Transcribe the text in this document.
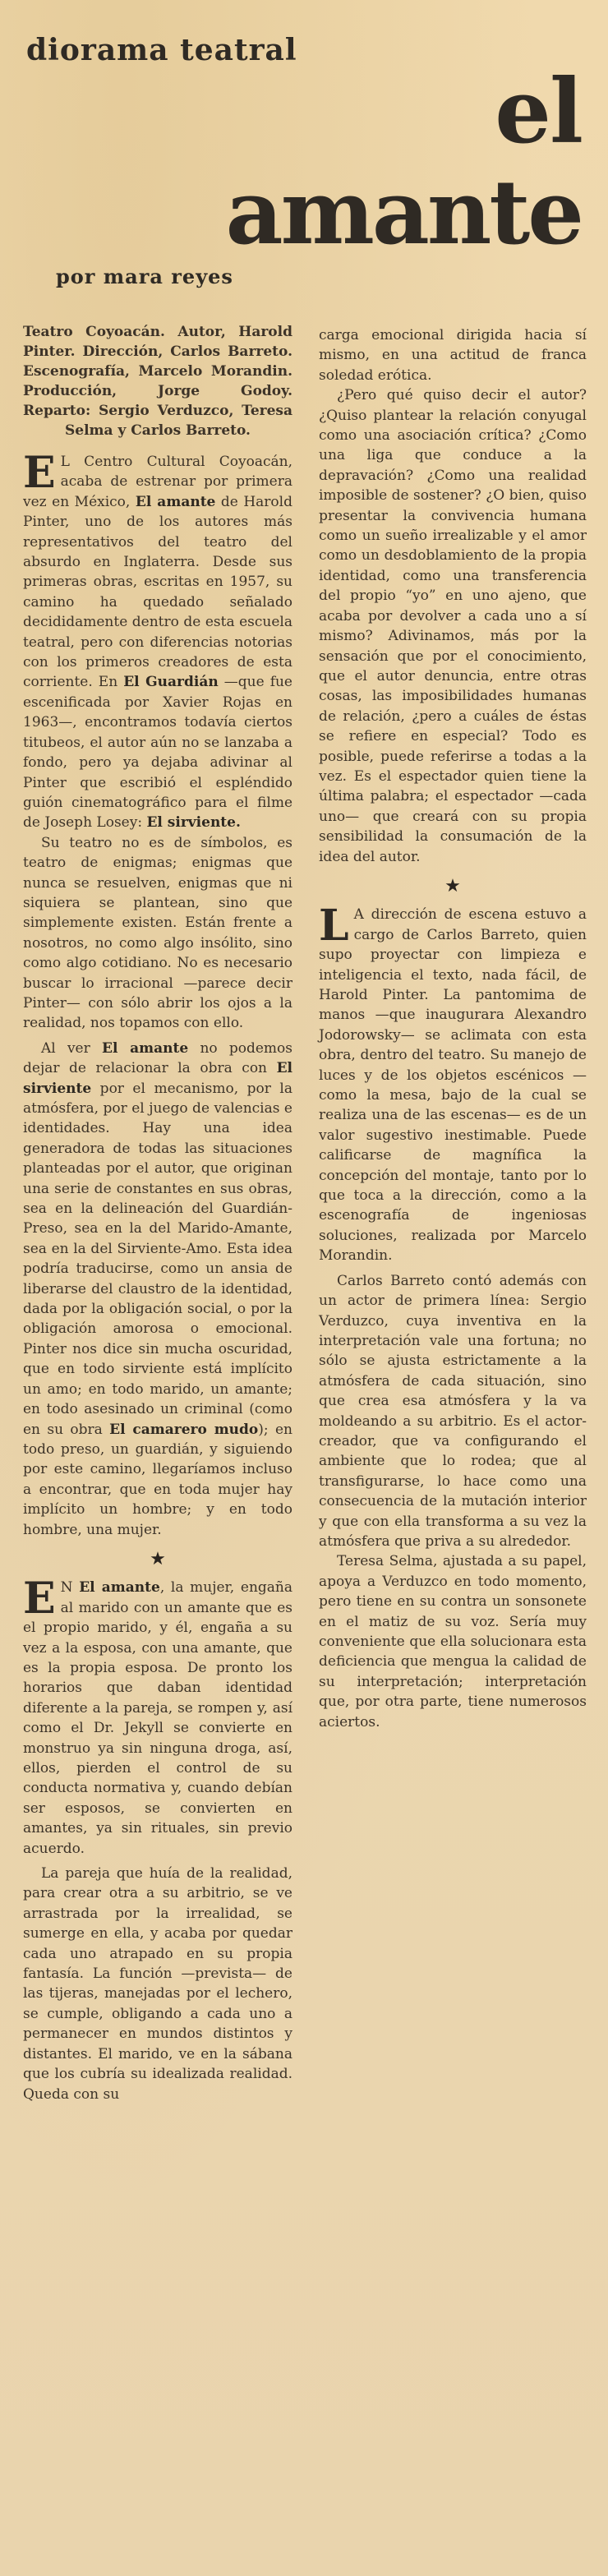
diorama teatral
el
amante
por mara reyes
Teatro Coyoacán. Autor, Harold Pinter. Dirección, Carlos Barreto. Escenografía, Marcelo Morandin. Producción, Jorge Godoy. Reparto: Sergio Verduzco, Teresa Selma y Carlos Barreto.

E L Centro Cultural Coyoacán, acaba de estrenar por primera vez en México, El amante de Harold Pinter, uno de los autores más representativos del teatro del absurdo en Inglaterra. Desde sus primeras obras, escritas en 1957, su camino ha quedado señalado decididamente dentro de esta escuela teatral, pero con diferencias notorias con los primeros creadores de esta corriente. En El Guardián —que fue escenificada por Xavier Rojas en 1963—, encontramos todavía ciertos titubeos, el autor aún no se lanzaba a fondo, pero ya dejaba adivinar al Pinter que escribió el espléndido guión cinematográfico para el filme de Joseph Losey: El sirviente.

Su teatro no es de símbolos, es teatro de enigmas; enigmas que nunca se resuelven, enigmas que ni siquiera se plantean, sino que simplemente existen. Están frente a nosotros, no como algo insólito, sino como algo cotidiano. No es necesario buscar lo irracional —parece decir Pinter— con sólo abrir los ojos a la realidad, nos topamos con ello.

Al ver El amante no podemos dejar de relacionar la obra con El sirviente por el mecanismo, por la atmósfera, por el juego de valencias e identidades. Hay una idea generadora de todas las situaciones planteadas por el autor, que originan una serie de constantes en sus obras, sea en la delineación del Guardián-Preso, sea en la del Marido-Amante, sea en la del Sirviente-Amo. Esta idea podría traducirse, como un ansia de liberarse del claustro de la identidad, dada por la obligación social, o por la obligación amorosa o emocional. Pinter nos dice sin mucha oscuridad, que en todo sirviente está implícito un amo; en todo marido, un amante; en todo asesinado un criminal (como en su obra El camarero mudo); en todo preso, un guardián, y siguiendo por este camino, llegaríamos incluso a encontrar, que en toda mujer hay implícito un hombre; y en todo hombre, una mujer.

★

E N El amante, la mujer, engaña al marido con un amante que es el propio marido, y él, engaña a su vez a la esposa, con una amante, que es la propia esposa. De pronto los horarios que daban identidad diferente a la pareja, se rompen y, así como el Dr. Jekyll se convierte en monstruo ya sin ninguna droga, así, ellos, pierden el control de su conducta normativa y, cuando debían ser esposos, se convierten en amantes, ya sin rituales, sin previo acuerdo.

La pareja que huía de la realidad, para crear otra a su arbitrio, se ve arrastrada por la irrealidad, se sumerge en ella, y acaba por quedar cada uno atrapado en su propia fantasía. La función —prevista— de las tijeras, manejadas por el lechero, se cumple, obligando a cada uno a permanecer en mundos distintos y distantes. El marido, ve en la sábana que los cubría su idealizada realidad. Queda con su

carga emocional dirigida hacia sí mismo, en una actitud de franca soledad erótica.

¿Pero qué quiso decir el autor? ¿Quiso plantear la relación conyugal como una asociación crítica? ¿Como una liga que conduce a la depravación? ¿Como una realidad imposible de sostener? ¿O bien, quiso presentar la convivencia humana como un sueño irrealizable y el amor como un desdoblamiento de la propia identidad, como una transferencia del propio “yo” en uno ajeno, que acaba por devolver a cada uno a sí mismo? Adivinamos, más por la sensación que por el conocimiento, que el autor denuncia, entre otras cosas, las imposibilidades humanas de relación, ¿pero a cuáles de éstas se refiere en especial? Todo es posible, puede referirse a todas a la vez. Es el espectador quien tiene la última palabra; el espectador —cada uno— que creará con su propia sensibilidad la consumación de la idea del autor.

★

L A dirección de escena estuvo a cargo de Carlos Barreto, quien supo proyectar con limpieza e inteligencia el texto, nada fácil, de Harold Pinter. La pantomima de manos —que inaugurara Alexandro Jodorowsky— se aclimata con esta obra, dentro del teatro. Su manejo de luces y de los objetos escénicos —como la mesa, bajo de la cual se realiza una de las escenas— es de un valor sugestivo inestimable. Puede calificarse de magnífica la concepción del montaje, tanto por lo que toca a la dirección, como a la escenografía de ingeniosas soluciones, realizada por Marcelo Morandin.

Carlos Barreto contó además con un actor de primera línea: Sergio Verduzco, cuya inventiva en la interpretación vale una fortuna; no sólo se ajusta estrictamente a la atmósfera de cada situación, sino que crea esa atmósfera y la va moldeando a su arbitrio. Es el actor-creador, que va configurando el ambiente que lo rodea; que al transfigurarse, lo hace como una consecuencia de la mutación interior y que con ella transforma a su vez la atmósfera que priva a su alrededor.

Teresa Selma, ajustada a su papel, apoya a Verduzco en todo momento, pero tiene en su contra un sonsonete en el matiz de su voz. Sería muy conveniente que ella solucionara esta deficiencia que mengua la calidad de su interpretación; interpretación que, por otra parte, tiene numerosos aciertos.
